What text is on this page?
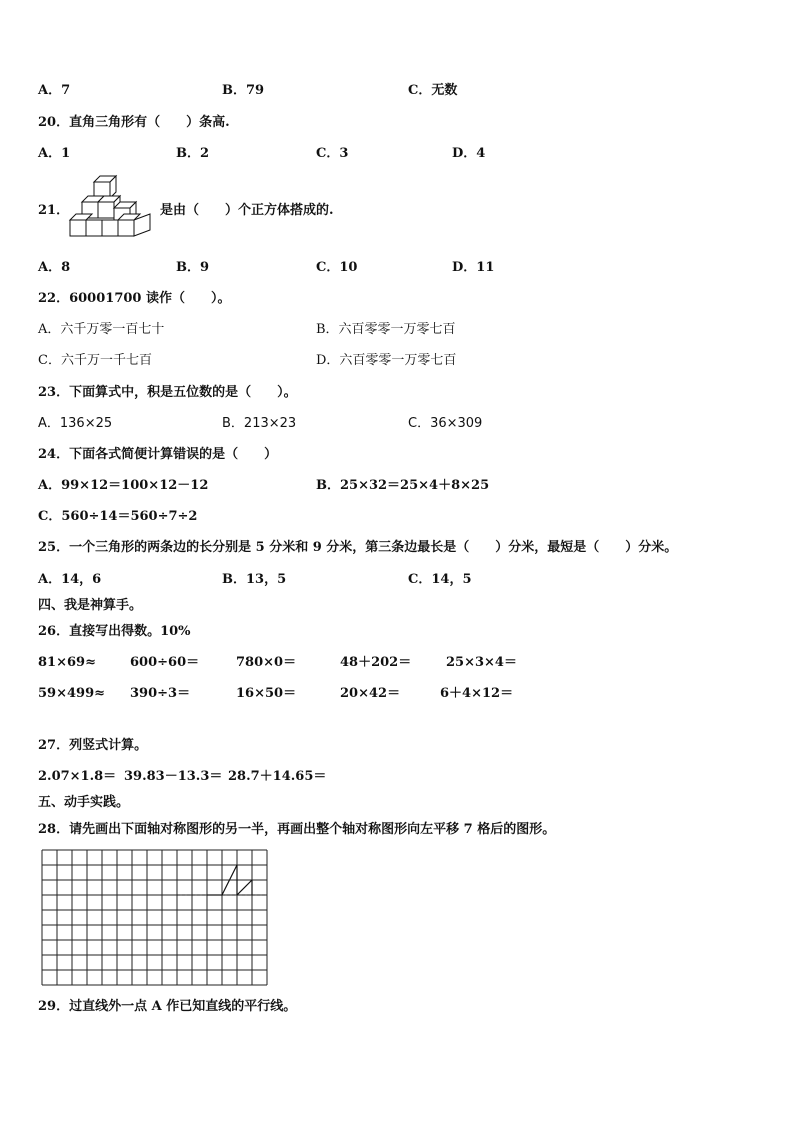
A．7	B．79	C．无数
20．直角三角形有（　　）条高.
A．1	B．2	C．3	D．4
21．	是由（　　）个正方体搭成的.
A．8	B．9	C．10	D．11
22．60001700 读作（　　）。
A．六千万零一百七十	B．六百零零一万零七百
C．六千万一千七百	D．六百零零一万零七百
23．下面算式中，积是五位数的是（　　）。
A．136×25	B．213×23	C．36×309
24．下面各式简便计算错误的是（　　）
A．99×12＝100×12－12	B．25×32＝25×4＋8×25
C．560÷14＝560÷7÷2
25．一个三角形的两条边的长分别是 5 分米和 9 分米，第三条边最长是（　　）分米，最短是（　　）分米。
A．14，6	B．13，5	C．14，5
四、我是神算手。
26．直接写出得数。10%
81×69≈	600÷60＝	780×0＝	48＋202＝	25×3×4＝
59×499≈ 390÷3＝	16×50＝	20×42＝	6＋4×12＝
27．列竖式计算。
2.07×1.8＝ 39.83－13.3＝ 28.7＋14.65＝
五、动手实践。
28．请先画出下面轴对称图形的另一半，再画出整个轴对称图形向左平移 7 格后的图形。
29．过直线外一点 A 作已知直线的平行线。
